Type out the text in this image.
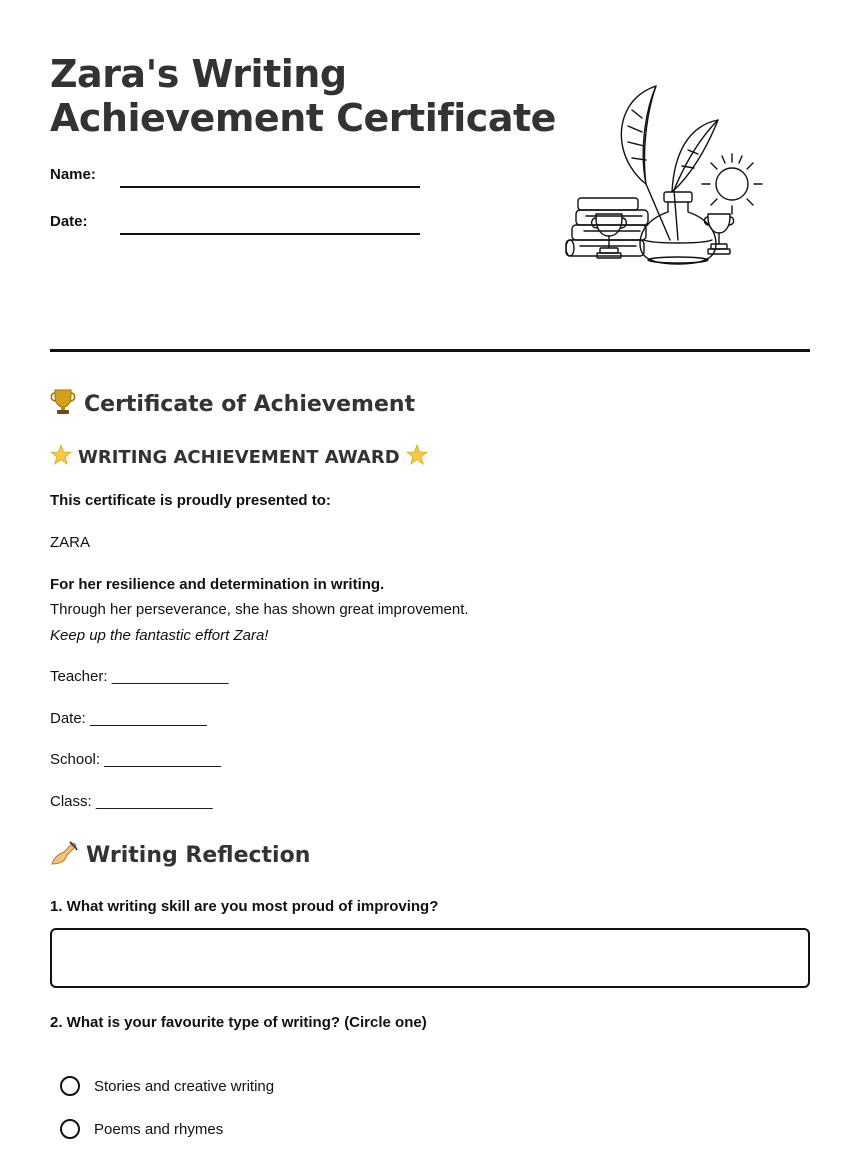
Zara's Writing
Achievement Certificate
Name:
Date:
Certificate of Achievement
WRITING ACHIEVEMENT AWARD
This certificate is proudly presented to:
ZARA
For her resilience and determination in writing.
Through her perseverance, she has shown great improvement.
Keep up the fantastic effort Zara!
Teacher: ______________
Date: ______________
School: ______________
Class: ______________
Writing Reflection
1. What writing skill are you most proud of improving?
2. What is your favourite type of writing? (Circle one)
Stories and creative writing
Poems and rhymes
